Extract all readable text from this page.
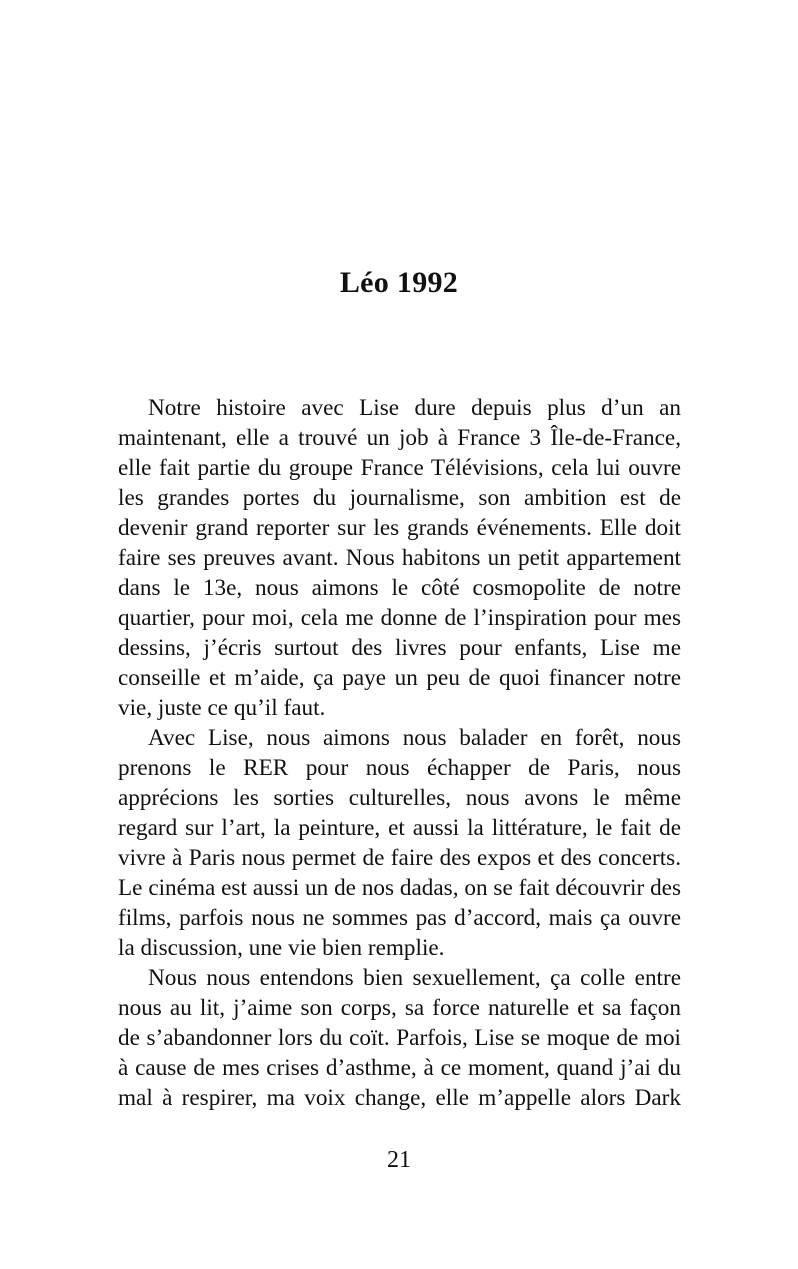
Léo 1992

Notre histoire avec Lise dure depuis plus d’un an maintenant, elle a trouvé un job à France 3 Île-de-France, elle fait partie du groupe France Télévisions, cela lui ouvre les grandes portes du journalisme, son ambition est de devenir grand reporter sur les grands événements. Elle doit faire ses preuves avant. Nous habitons un petit appartement dans le 13e, nous aimons le côté cosmopolite de notre quartier, pour moi, cela me donne de l’inspiration pour mes dessins, j’écris surtout des livres pour enfants, Lise me conseille et m’aide, ça paye un peu de quoi financer notre vie, juste ce qu’il faut.

Avec Lise, nous aimons nous balader en forêt, nous prenons le RER pour nous échapper de Paris, nous apprécions les sorties culturelles, nous avons le même regard sur l’art, la peinture, et aussi la littérature, le fait de vivre à Paris nous permet de faire des expos et des concerts. Le cinéma est aussi un de nos dadas, on se fait découvrir des films, parfois nous ne sommes pas d’accord, mais ça ouvre la discussion, une vie bien remplie.

Nous nous entendons bien sexuellement, ça colle entre nous au lit, j’aime son corps, sa force naturelle et sa façon de s’abandonner lors du coït. Parfois, Lise se moque de moi à cause de mes crises d’asthme, à ce moment, quand j’ai du mal à respirer, ma voix change, elle m’appelle alors Dark

21
